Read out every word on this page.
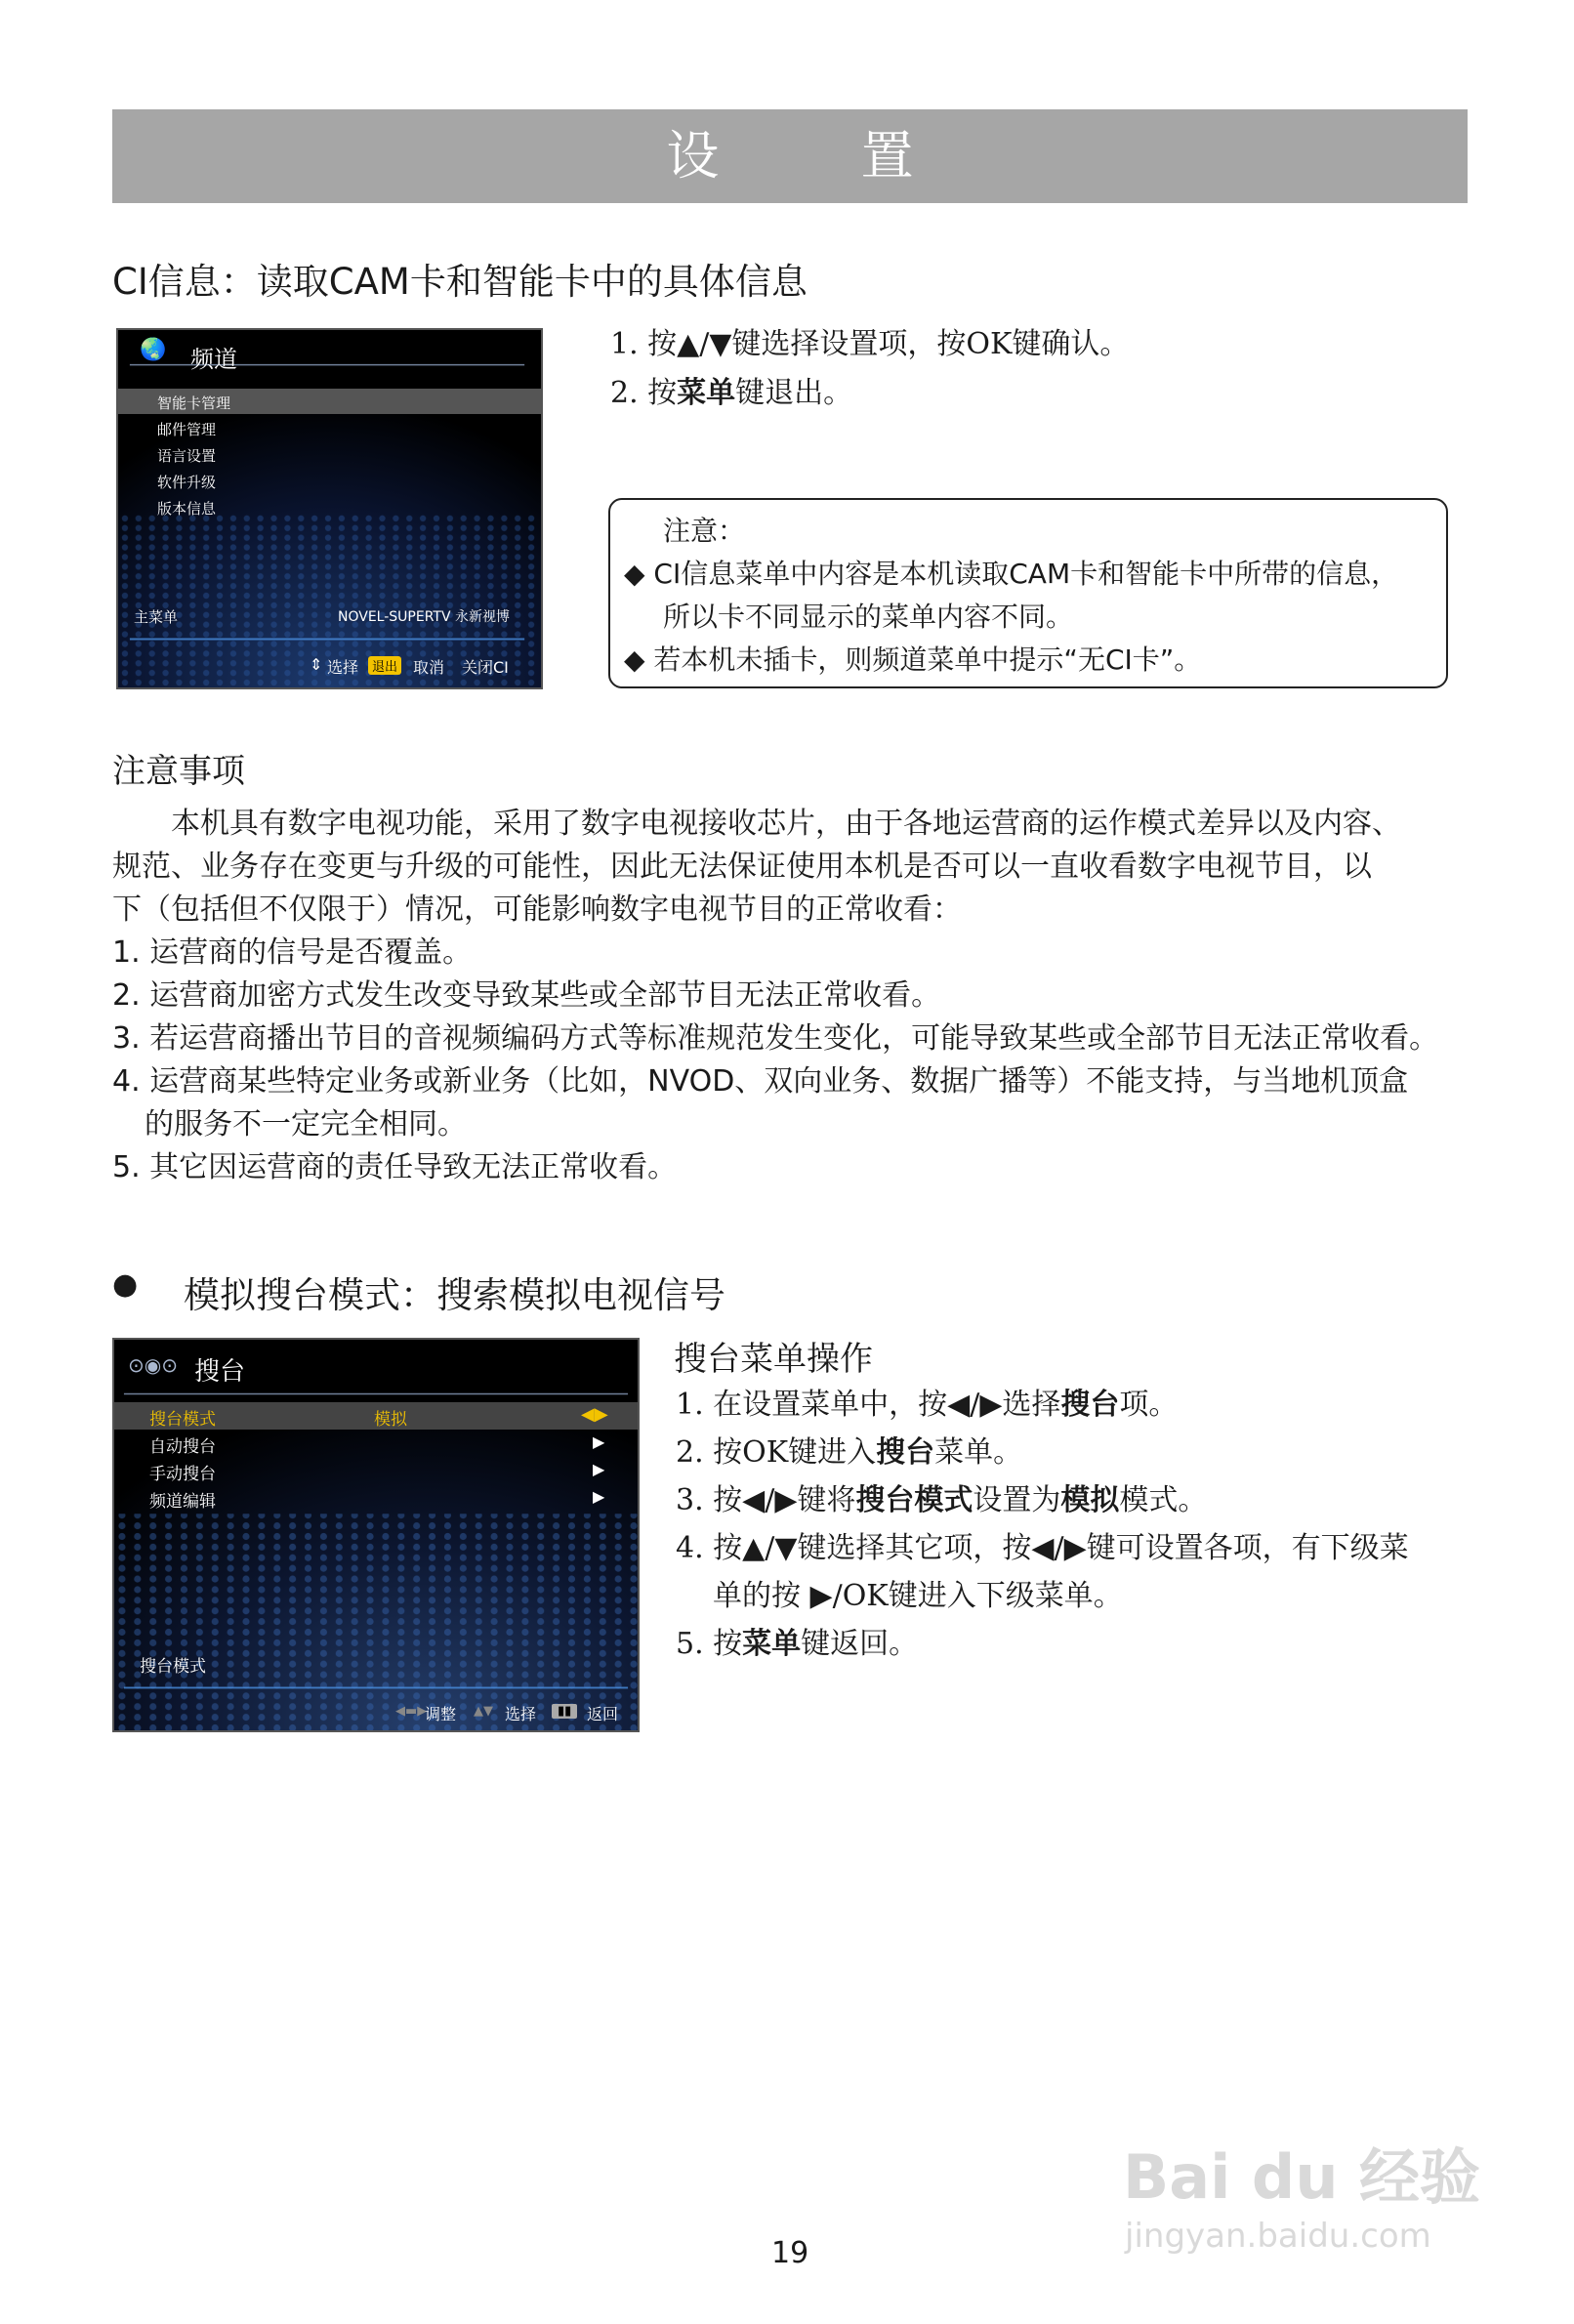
设 置
CI信息：读取CAM卡和智能卡中的具体信息
🌏 频道
智能卡管理
邮件管理
语言设置
软件升级
版本信息
主菜单	NOVEL-SUPERTV 永新视博
⇕ 选择	退出 取消 关闭CI
1. 按▲/▼键选择设置项，按OK键确认。
2. 按菜单键退出。
注意：
◆ CI信息菜单中内容是本机读取CAM卡和智能卡中所带的信息，
所以卡不同显示的菜单内容不同。
◆ 若本机未插卡，则频道菜单中提示“无CI卡”。
注意事项
本机具有数字电视功能，采用了数字电视接收芯片，由于各地运营商的运作模式差异以及内容、
规范、业务存在变更与升级的可能性，因此无法保证使用本机是否可以一直收看数字电视节目，以
下（包括但不仅限于）情况，可能影响数字电视节目的正常收看：
1. 运营商的信号是否覆盖。
2. 运营商加密方式发生改变导致某些或全部节目无法正常收看。
3. 若运营商播出节目的音视频编码方式等标准规范发生变化，可能导致某些或全部节目无法正常收看。
4. 运营商某些特定业务或新业务（比如，NVOD、双向业务、数据广播等）不能支持，与当地机顶盒
的服务不一定完全相同。
5. 其它因运营商的责任导致无法正常收看。
● 模拟搜台模式：搜索模拟电视信号
⊙◉⊙ 搜台
搜台模式	模拟	◀▶
自动搜台	▶
手动搜台	▶
频道编辑	▶
搜台模式
◀▬▶
调整 ▲▼ 选择	▮▮ 返回
搜台菜单操作
1. 在设置菜单中，按◀/▶选择搜台项。
2. 按OK键进入搜台菜单。
3. 按◀/▶键将搜台模式设置为模拟模式。
4. 按▲/▼键选择其它项，按◀/▶键可设置各项，有下级菜
单的按 ▶/OK键进入下级菜单。
5. 按菜单键返回。
Bai du 经验
jingyan.baidu.com
19
